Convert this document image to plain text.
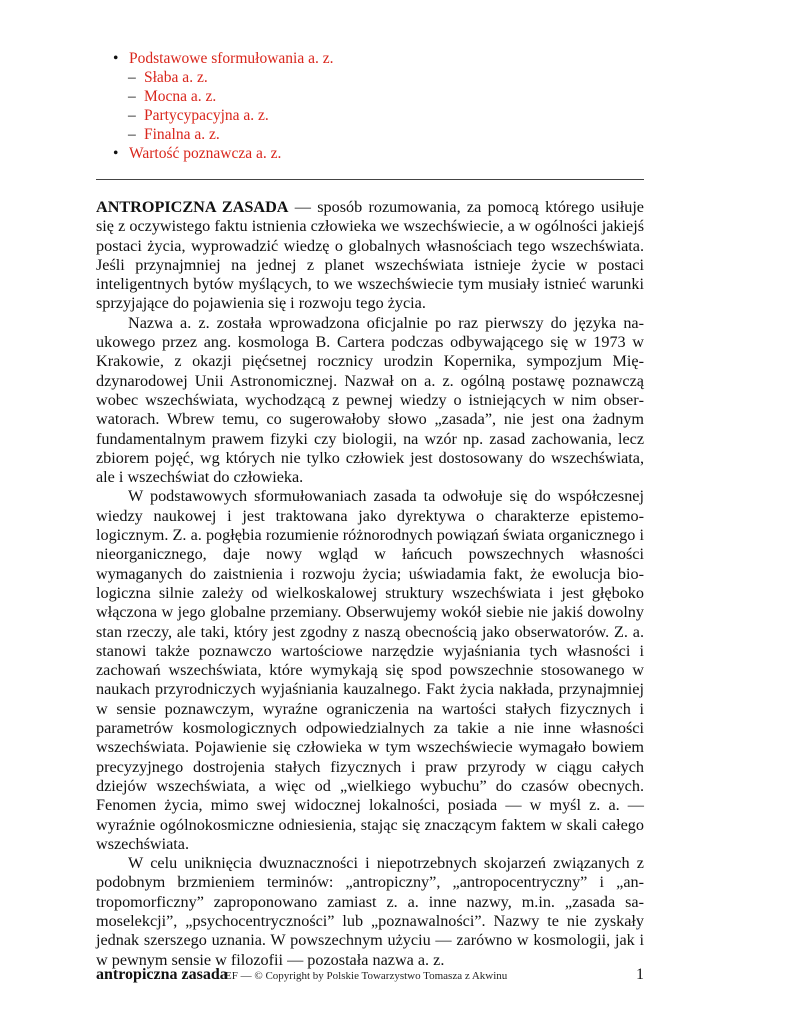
• Podstawowe sformułowania a. z.
– Słaba a. z.
– Mocna a. z.
– Partycypacyjna a. z.
– Finalna a. z.
• Wartość poznawcza a. z.

ANTROPICZNA ZASADA — sposób rozumowania, za pomocą którego usiłuje się z oczywistego faktu istnienia człowieka we wszechświecie, a w ogólności jakiejś postaci życia, wyprowadzić wiedzę o globalnych własnościach tego wszechświata. Jeśli przynajmniej na jednej z planet wszechświata istnieje życie w postaci inteligentnych bytów myślących, to we wszechświecie tym musiały istnieć warunki sprzyjające do pojawienia się i rozwoju tego życia.

Nazwa a. z. została wprowadzona oficjalnie po raz pierwszy do języka naukowego przez ang. kosmologa B. Cartera podczas odbywającego się w 1973 w Krakowie, z okazji pięćsetnej rocznicy urodzin Kopernika, sympozjum Międzynarodowej Unii Astronomicznej. Nazwał on a. z. ogólną postawę poznawczą wobec wszechświata, wychodzącą z pewnej wiedzy o istniejących w nim obserwatorach. Wbrew temu, co sugerowałoby słowo „zasada”, nie jest ona żadnym fundamentalnym prawem fizyki czy biologii, na wzór np. zasad zachowania, lecz zbiorem pojęć, wg których nie tylko człowiek jest dostosowany do wszechświata, ale i wszechświat do człowieka.

W podstawowych sformułowaniach zasada ta odwołuje się do współczesnej wiedzy naukowej i jest traktowana jako dyrektywa o charakterze epistemologicznym. Z. a. pogłębia rozumienie różnorodnych powiązań świata organicznego i nieorganicznego, daje nowy wgląd w łańcuch powszechnych własności wymaganych do zaistnienia i rozwoju życia; uświadamia fakt, że ewolucja biologiczna silnie zależy od wielkoskalowej struktury wszechświata i jest głęboko włączona w jego globalne przemiany. Obserwujemy wokół siebie nie jakiś dowolny stan rzeczy, ale taki, który jest zgodny z naszą obecnością jako obserwatorów. Z. a. stanowi także poznawczo wartościowe narzędzie wyjaśniania tych własności i zachowań wszechświata, które wymykają się spod powszechnie stosowanego w naukach przyrodniczych wyjaśniania kauzalnego. Fakt życia nakłada, przynajmniej w sensie poznawczym, wyraźne ograniczenia na wartości stałych fizycznych i parametrów kosmologicznych odpowiedzialnych za takie a nie inne własności wszechświata. Pojawienie się człowieka w tym wszechświecie wymagało bowiem precyzyjnego dostrojenia stałych fizycznych i praw przyrody w ciągu całych dziejów wszechświata, a więc od „wielkiego wybuchu” do czasów obecnych. Fenomen życia, mimo swej widocznej lokalności, posiada — w myśl z. a. — wyraźnie ogólnokosmiczne odniesienia, stając się znaczącym faktem w skali całego wszechświata.

W celu uniknięcia dwuznaczności i niepotrzebnych skojarzeń związanych z podobnym brzmieniem terminów: „antropiczny”, „antropocentryczny” i „antropomorficzny” zaproponowano zamiast z. a. inne nazwy, m.in. „zasada samoselekcji”, „psychocentryczności” lub „poznawalności”. Nazwy te nie zyskały jednak szerszego uznania. W powszechnym użyciu — zarówno w kosmologii, jak i w pewnym sensie w filozofii — pozostała nazwa a. z.

EF — © Copyright by Polskie Towarzystwo Tomasza z Akwinu
antropiczna zasada	1
